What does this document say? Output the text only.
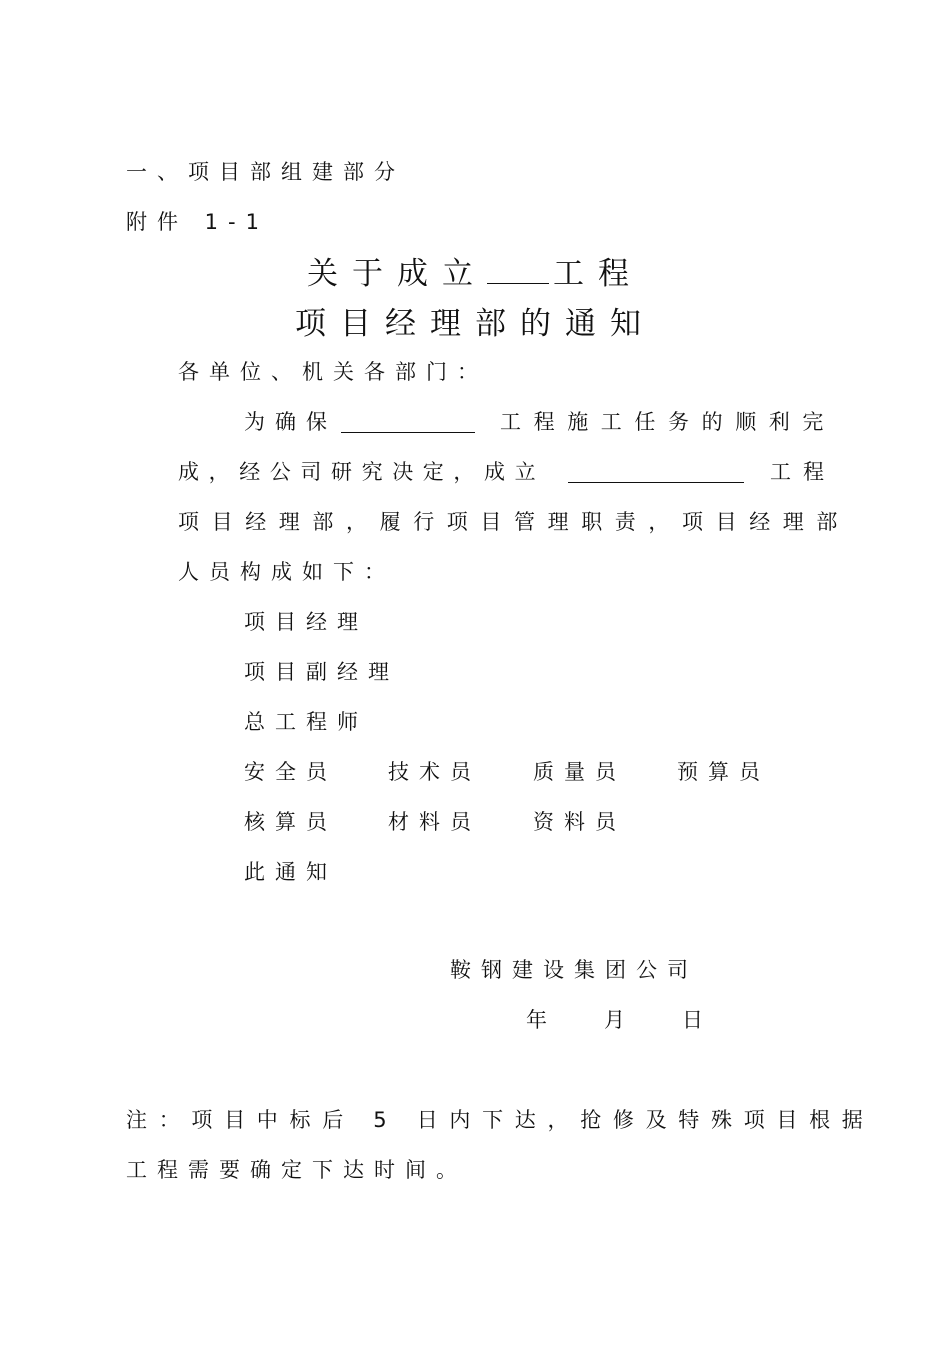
一、项目部组建部分
附件 1-1
关于成立 工程
项目经理部的通知
各单位、机关各部门：
为确保	工程施工任务的顺利完
成，经公司研究决定，成立	工程
项目经理部，履行项目管理职责，项目经理部
人员构成如下：
项目经理
项目副经理
总工程师
安全员 技术员 质量员 预算员
核算员 材料员 资料员
此通知
鞍钢建设集团公司
年 月 日
注：项目中标后 5 日内下达，抢修及特殊项目根据
工程需要确定下达时间。
